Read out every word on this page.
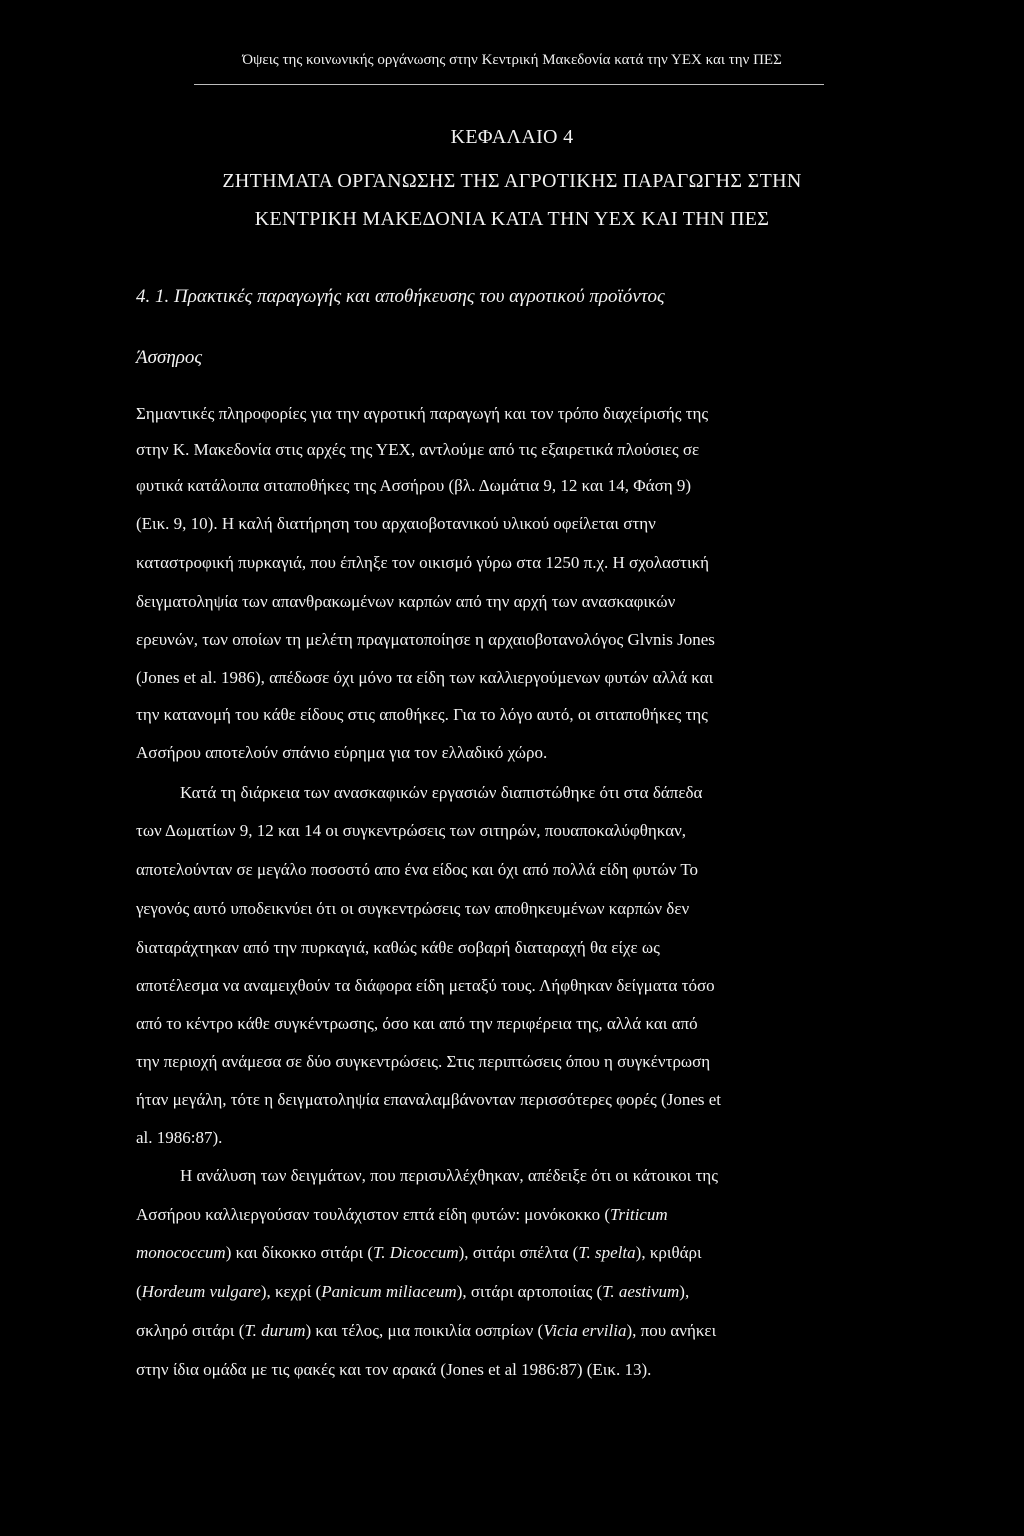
Όψεις της κοινωνικής οργάνωσης στην Κεντρική Μακεδονία κατά την ΥΕΧ και την ΠΕΣ
ΚΕΦΑΛΑΙΟ 4
ΖΗΤΗΜΑΤΑ ΟΡΓΑΝΩΣΗΣ ΤΗΣ ΑΓΡΟΤΙΚΗΣ ΠΑΡΑΓΩΓΗΣ ΣΤΗΝ
ΚΕΝΤΡΙΚΗ ΜΑΚΕΔΟΝΙΑ ΚΑΤΑ ΤΗΝ ΥΕΧ ΚΑΙ ΤΗΝ ΠΕΣ
4. 1. Πρακτικές παραγωγής και αποθήκευσης του αγροτικού προϊόντος
Άσσηρος
Σημαντικές πληροφορίες για την αγροτική παραγωγή και τον τρόπο διαχείρισής της
στην Κ. Μακεδονία στις αρχές της ΥΕΧ, αντλούμε από τις εξαιρετικά πλούσιες σε
φυτικά κατάλοιπα σιταποθήκες της Ασσήρου (βλ. Δωμάτια 9, 12 και 14, Φάση 9)
(Εικ. 9, 10). Η καλή διατήρηση του αρχαιοβοτανικού υλικού οφείλεται στην
καταστροφική πυρκαγιά, που έπληξε τον οικισμό γύρω στα 1250 π.χ. Η σχολαστική
δειγματοληψία των απανθρακωμένων καρπών από την αρχή των ανασκαφικών
ερευνών, των οποίων τη μελέτη πραγματοποίησε η αρχαιοβοτανολόγος Glvnis Jones
(Jones et al. 1986), απέδωσε όχι μόνο τα είδη των καλλιεργούμενων φυτών αλλά και
την κατανομή του κάθε είδους στις αποθήκες. Για το λόγο αυτό, οι σιταποθήκες της
Ασσήρου αποτελούν σπάνιο εύρημα για τον ελλαδικό χώρο.
Κατά τη διάρκεια των ανασκαφικών εργασιών διαπιστώθηκε ότι στα δάπεδα
των Δωματίων 9, 12 και 14 οι συγκεντρώσεις των σιτηρών, πουαποκαλύφθηκαν,
αποτελούνταν σε μεγάλο ποσοστό απο ένα είδος και όχι από πολλά είδη φυτών Το
γεγονός αυτό υποδεικνύει ότι οι συγκεντρώσεις των αποθηκευμένων καρπών δεν
διαταράχτηκαν από την πυρκαγιά, καθώς κάθε σοβαρή διαταραχή θα είχε ως
αποτέλεσμα να αναμειχθούν τα διάφορα είδη μεταξύ τους. Λήφθηκαν δείγματα τόσο
από το κέντρο κάθε συγκέντρωσης, όσο και από την περιφέρεια της, αλλά και από
την περιοχή ανάμεσα σε δύο συγκεντρώσεις. Στις περιπτώσεις όπου η συγκέντρωση
ήταν μεγάλη, τότε η δειγματοληψία επαναλαμβάνονταν περισσότερες φορές (Jones et
al. 1986:87).
Η ανάλυση των δειγμάτων, που περισυλλέχθηκαν, απέδειξε ότι οι κάτοικοι της
Ασσήρου καλλιεργούσαν τουλάχιστον επτά είδη φυτών: μονόκοκκο (Triticum
monococcum) και δίκοκκο σιτάρι (T. Dicoccum), σιτάρι σπέλτα (T. spelta), κριθάρι
(Hordeum vulgare), κεχρί (Panicum miliaceum), σιτάρι αρτοποιίας (T. aestivum),
σκληρό σιτάρι (T. durum) και τέλος, μια ποικιλία οσπρίων (Vicia ervilia), που ανήκει
στην ίδια ομάδα με τις φακές και τον αρακά (Jones et al 1986:87) (Εικ. 13).
